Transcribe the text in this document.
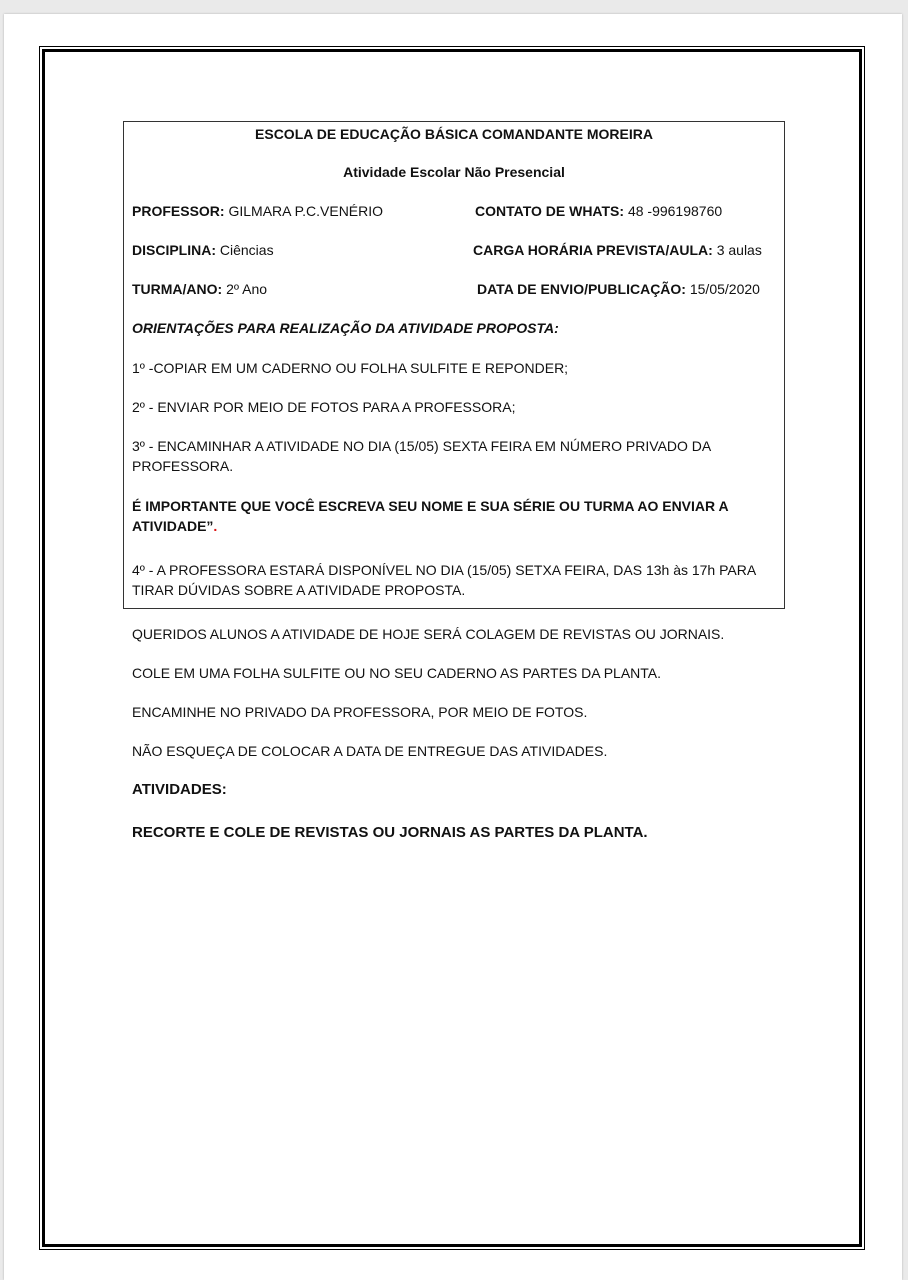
ESCOLA DE EDUCAÇÃO BÁSICA COMANDANTE MOREIRA
Atividade Escolar Não Presencial
PROFESSOR: GILMARA P.C.VENÉRIO	CONTATO DE WHATS: 48 -996198760
DISCIPLINA: Ciências	CARGA HORÁRIA PREVISTA/AULA: 3 aulas
TURMA/ANO: 2º Ano	DATA DE ENVIO/PUBLICAÇÃO: 15/05/2020
ORIENTAÇÕES PARA REALIZAÇÃO DA ATIVIDADE PROPOSTA:
1º -COPIAR EM UM CADERNO OU FOLHA SULFITE E REPONDER;
2º - ENVIAR POR MEIO DE FOTOS PARA A PROFESSORA;
3º - ENCAMINHAR A ATIVIDADE NO DIA (15/05) SEXTA FEIRA EM NÚMERO PRIVADO DA PROFESSORA.
É IMPORTANTE QUE VOCÊ ESCREVA SEU NOME E SUA SÉRIE OU TURMA AO ENVIAR A ATIVIDADE”.
4º - A PROFESSORA ESTARÁ DISPONÍVEL NO DIA (15/05) SETXA FEIRA, DAS 13h às 17h PARA TIRAR DÚVIDAS SOBRE A ATIVIDADE PROPOSTA.
QUERIDOS ALUNOS A ATIVIDADE DE HOJE SERÁ COLAGEM DE REVISTAS OU JORNAIS.
COLE EM UMA FOLHA SULFITE OU NO SEU CADERNO AS PARTES DA PLANTA.
ENCAMINHE NO PRIVADO DA PROFESSORA, POR MEIO DE FOTOS.
NÃO ESQUEÇA DE COLOCAR A DATA DE ENTREGUE DAS ATIVIDADES.
ATIVIDADES:
RECORTE E COLE DE REVISTAS OU JORNAIS AS PARTES DA PLANTA.
